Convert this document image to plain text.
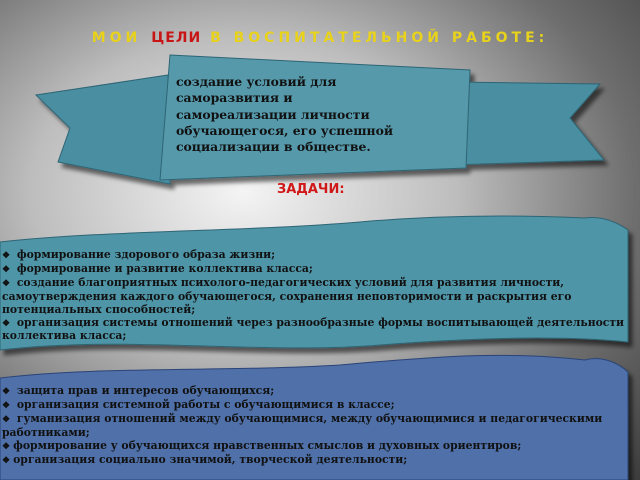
МОИ ЦЕЛИ В ВОСПИТАТЕЛЬНОЙ РАБОТЕ:
создание условий для
саморазвития и
самореализации личности
обучающегося, его успешной
социализации в обществе.
ЗАДАЧИ:
❖ формирование здорового образа жизни;
❖ формирование и развитие коллектива класса;
❖ создание благоприятных психолого-педагогических условий для развития личности, самоутверждения каждого обучающегося, сохранения неповторимости и раскрытия его потенциальных способностей;
❖ организация системы отношений через разнообразные формы воспитывающей деятельности коллектива класса;
❖ защита прав и интересов обучающихся;
❖ организация системной работы с обучающимися в классе;
❖ гуманизация отношений между обучающимися, между обучающимися и педагогическими работниками;
❖ формирование у обучающихся нравственных смыслов и духовных ориентиров;
❖ организация социально значимой, творческой деятельности;
